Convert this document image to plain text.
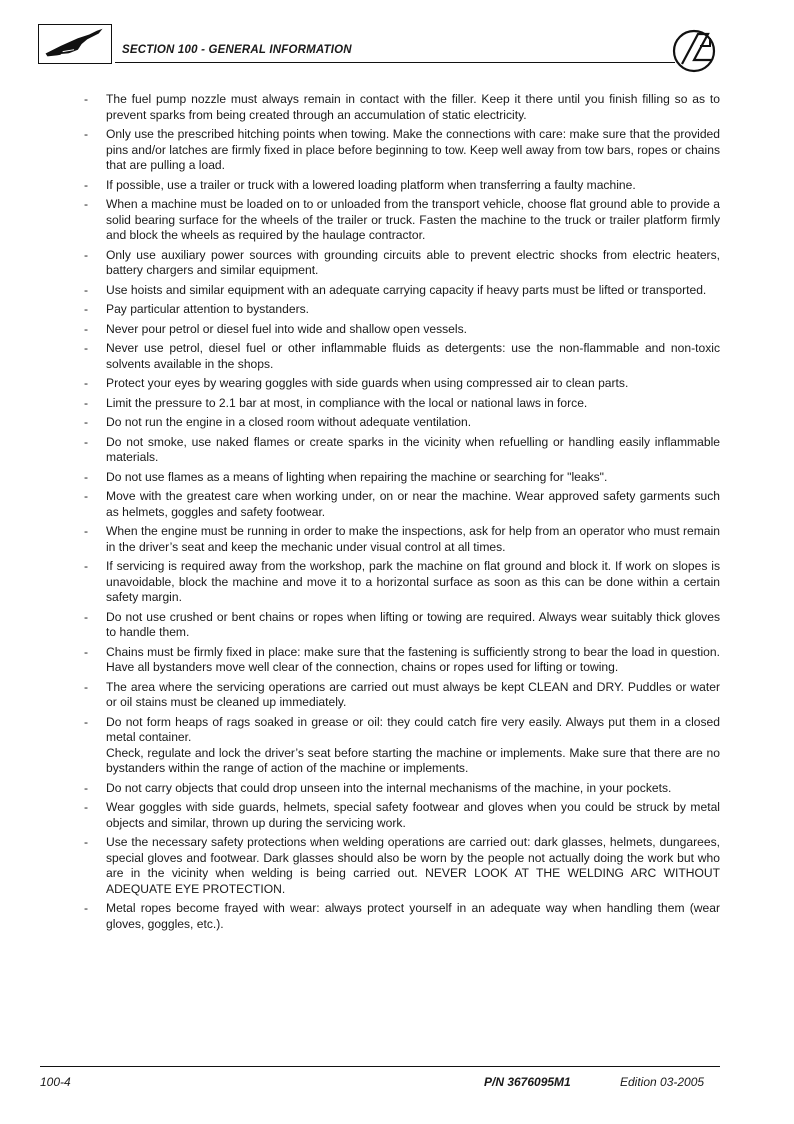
SECTION 100 - GENERAL INFORMATION
- The fuel pump nozzle must always remain in contact with the filler. Keep it there until you finish filling so as to prevent sparks from being created through an accumulation of static electricity.
- Only use the prescribed hitching points when towing. Make the connections with care: make sure that the provided pins and/or latches are firmly fixed in place before beginning to tow. Keep well away from tow bars, ropes or chains that are pulling a load.
- If possible, use a trailer or truck with a lowered loading platform when transferring a faulty machine.
- When a machine must be loaded on to or unloaded from the transport vehicle, choose flat ground able to provide a solid bearing surface for the wheels of the trailer or truck. Fasten the machine to the truck or trailer platform firmly and block the wheels as required by the haulage contractor.
- Only use auxiliary power sources with grounding circuits able to prevent electric shocks from electric heaters, battery chargers and similar equipment.
- Use hoists and similar equipment with an adequate carrying capacity if heavy parts must be lifted or transported.
- Pay particular attention to bystanders.
- Never pour petrol or diesel fuel into wide and shallow open vessels.
- Never use petrol, diesel fuel or other inflammable fluids as detergents: use the non-flammable and non-toxic solvents available in the shops.
- Protect your eyes by wearing goggles with side guards when using compressed air to clean parts.
- Limit the pressure to 2.1 bar at most, in compliance with the local or national laws in force.
- Do not run the engine in a closed room without adequate ventilation.
- Do not smoke, use naked flames or create sparks in the vicinity when refuelling or handling easily inflammable materials.
- Do not use flames as a means of lighting when repairing the machine or searching for "leaks".
- Move with the greatest care when working under, on or near the machine. Wear approved safety garments such as helmets, goggles and safety footwear.
- When the engine must be running in order to make the inspections, ask for help from an operator who must remain in the driver’s seat and keep the mechanic under visual control at all times.
- If servicing is required away from the workshop, park the machine on flat ground and block it. If work on slopes is unavoidable, block the machine and move it to a horizontal surface as soon as this can be done within a certain safety margin.
- Do not use crushed or bent chains or ropes when lifting or towing are required. Always wear suitably thick gloves to handle them.
- Chains must be firmly fixed in place: make sure that the fastening is sufficiently strong to bear the load in question. Have all bystanders move well clear of the connection, chains or ropes used for lifting or towing.
- The area where the servicing operations are carried out must always be kept CLEAN and DRY. Puddles or water or oil stains must be cleaned up immediately.
- Do not form heaps of rags soaked in grease or oil: they could catch fire very easily. Always put them in a closed metal container.
Check, regulate and lock the driver’s seat before starting the machine or implements. Make sure that there are no bystanders within the range of action of the machine or implements.
- Do not carry objects that could drop unseen into the internal mechanisms of the machine, in your pockets.
- Wear goggles with side guards, helmets, special safety footwear and gloves when you could be struck by metal objects and similar, thrown up during the servicing work.
- Use the necessary safety protections when welding operations are carried out: dark glasses, helmets, dungarees, special gloves and footwear. Dark glasses should also be worn by the people not actually doing the work but who are in the vicinity when welding is being carried out. NEVER LOOK AT THE WELDING ARC WITHOUT ADEQUATE EYE PROTECTION.
- Metal ropes become frayed with wear: always protect yourself in an adequate way when handling them (wear gloves, goggles, etc.).
100-4	P/N 3676095M1	Edition 03-2005
